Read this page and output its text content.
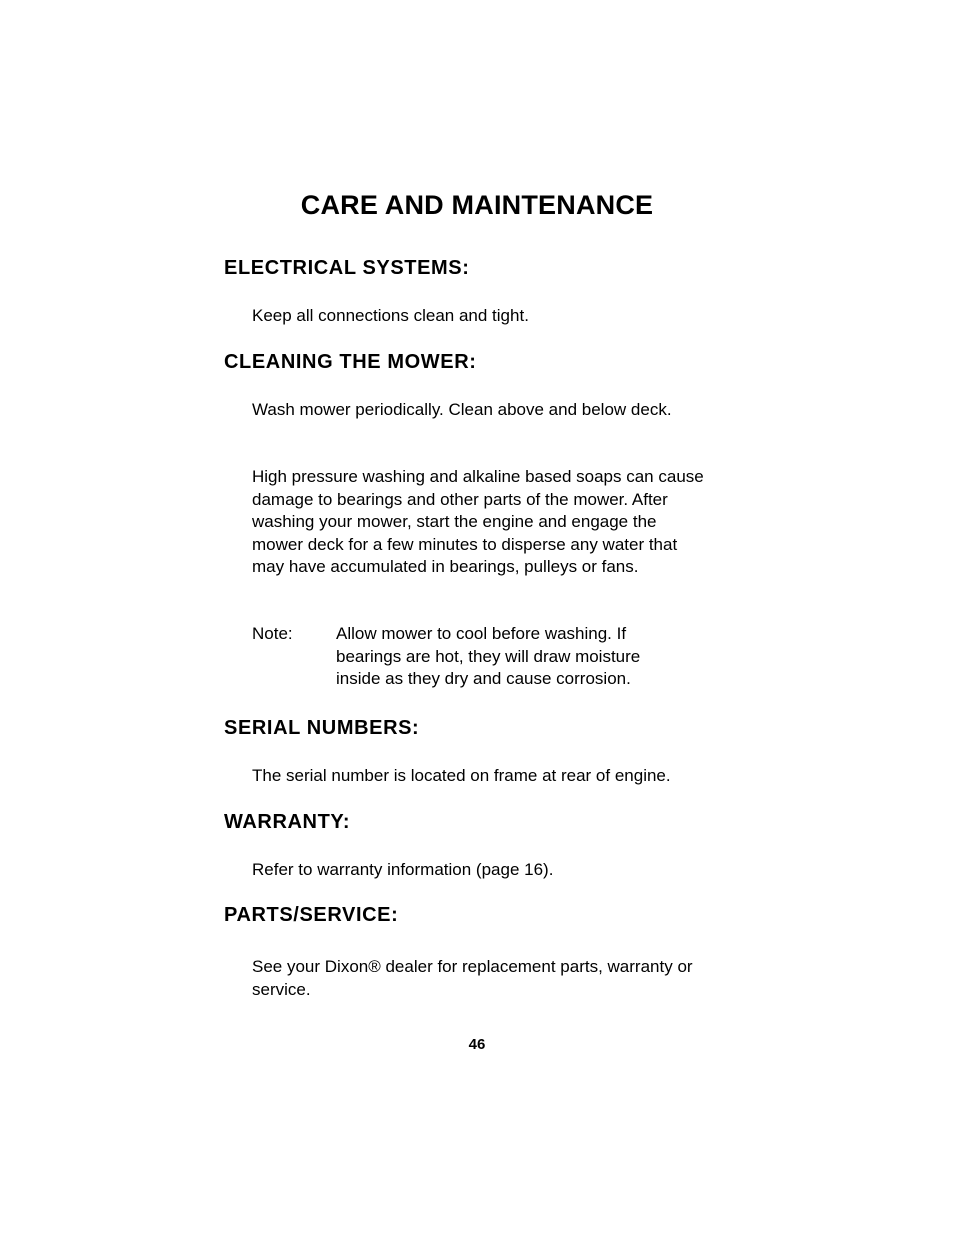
CARE AND MAINTENANCE
ELECTRICAL SYSTEMS:

Keep all connections clean and tight.

CLEANING THE MOWER:

Wash mower periodically. Clean above and below deck.

High pressure washing and alkaline based soaps can cause damage to bearings and other parts of the mower. After washing your mower, start the engine and engage the mower deck for a few minutes to disperse any water that may have accumulated in bearings, pulleys or fans.

Note:	Allow mower to cool before washing. If bearings are hot, they will draw moisture inside as they dry and cause corrosion.

SERIAL NUMBERS:

The serial number is located on frame at rear of engine.

WARRANTY:

Refer to warranty information (page 16).

PARTS/SERVICE:

See your Dixon® dealer for replacement parts, warranty or service.

46
